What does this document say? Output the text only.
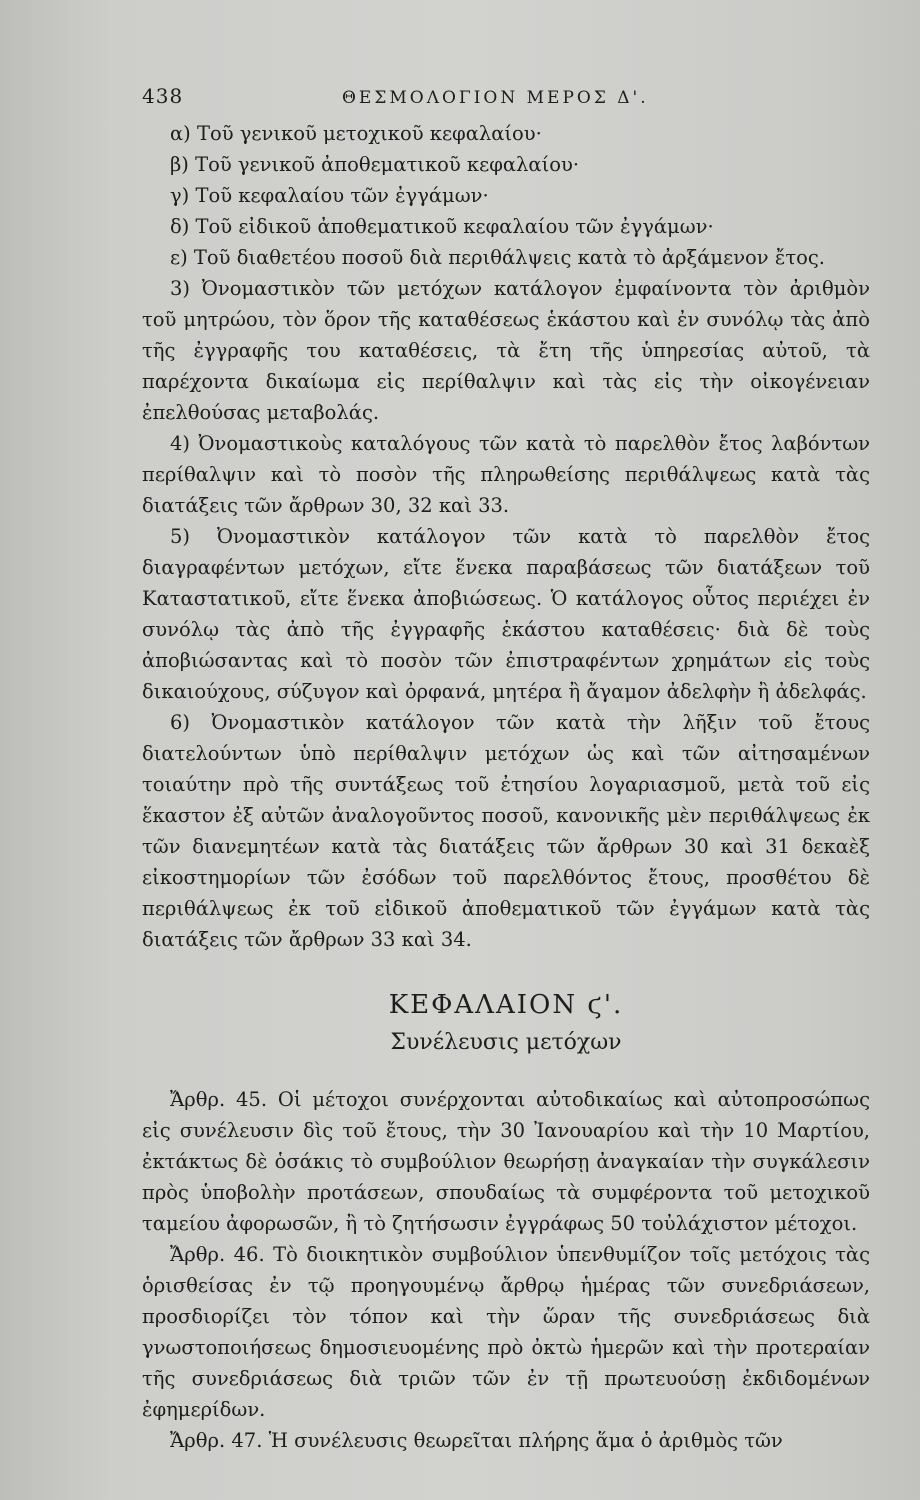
438	ΘΕΣΜΟΛΟΓΙΟΝ ΜΕΡΟΣ Δ'.

α) Τοῦ γενικοῦ μετοχικοῦ κεφαλαίου·

β) Τοῦ γενικοῦ ἀποθεματικοῦ κεφαλαίου·

γ) Τοῦ κεφαλαίου τῶν ἐγγάμων·

δ) Τοῦ εἰδικοῦ ἀποθεματικοῦ κεφαλαίου τῶν ἐγγάμων·

ε) Τοῦ διαθετέου ποσοῦ διὰ περιθάλψεις κατὰ τὸ ἀρξάμενον ἔτος.

3) Ὀνομαστικὸν τῶν μετόχων κατάλογον ἐμφαίνοντα τὸν ἀριθμὸν τοῦ μητρώου, τὸν ὅρον τῆς καταθέσεως ἑκάστου καὶ ἐν συνόλῳ τὰς ἀπὸ τῆς ἐγγραφῆς του καταθέσεις, τὰ ἔτη τῆς ὑπηρεσίας αὐτοῦ, τὰ παρέχοντα δικαίωμα εἰς περίθαλψιν καὶ τὰς εἰς τὴν οἰκογένειαν ἐπελθούσας μεταβολάς.

4) Ὀνομαστικοὺς καταλόγους τῶν κατὰ τὸ παρελθὸν ἔτος λαβόντων περίθαλψιν καὶ τὸ ποσὸν τῆς πληρωθείσης περιθάλψεως κατὰ τὰς διατάξεις τῶν ἄρθρων 30, 32 καὶ 33.

5) Ὀνομαστικὸν κατάλογον τῶν κατὰ τὸ παρελθὸν ἔτος διαγραφέντων μετόχων, εἴτε ἕνεκα παραβάσεως τῶν διατάξεων τοῦ Καταστατικοῦ, εἴτε ἕνεκα ἀποβιώσεως. Ὁ κατάλογος οὗτος περιέχει ἐν συνόλῳ τὰς ἀπὸ τῆς ἐγγραφῆς ἑκάστου καταθέσεις· διὰ δὲ τοὺς ἀποβιώσαντας καὶ τὸ ποσὸν τῶν ἐπιστραφέντων χρημάτων εἰς τοὺς δικαιούχους, σύζυγον καὶ ὀρφανά, μητέρα ἢ ἄγαμον ἀδελφὴν ἢ ἀδελφάς.

6) Ὀνομαστικὸν κατάλογον τῶν κατὰ τὴν λῆξιν τοῦ ἔτους διατελούντων ὑπὸ περίθαλψιν μετόχων ὡς καὶ τῶν αἰτησαμένων τοιαύτην πρὸ τῆς συντάξεως τοῦ ἐτησίου λογαριασμοῦ, μετὰ τοῦ εἰς ἕκαστον ἐξ αὐτῶν ἀναλογοῦντος ποσοῦ, κανονικῆς μὲν περιθάλψεως ἐκ τῶν διανεμητέων κατὰ τὰς διατάξεις τῶν ἄρθρων 30 καὶ 31 δεκαὲξ εἰκοστημορίων τῶν ἐσόδων τοῦ παρελθόντος ἔτους, προσθέτου δὲ περιθάλψεως ἐκ τοῦ εἰδικοῦ ἀποθεματικοῦ τῶν ἐγγάμων κατὰ τὰς διατάξεις τῶν ἄρθρων 33 καὶ 34.

ΚΕΦΑΛΑΙΟΝ ϛ'.
Συνέλευσις μετόχων

Ἄρθρ. 45. Οἱ μέτοχοι συνέρχονται αὐτοδικαίως καὶ αὐτοπροσώπως εἰς συνέλευσιν δὶς τοῦ ἔτους, τὴν 30 Ἰανουαρίου καὶ τὴν 10 Μαρτίου, ἐκτάκτως δὲ ὁσάκις τὸ συμβούλιον θεωρήσῃ ἀναγκαίαν τὴν συγκάλεσιν πρὸς ὑποβολὴν προτάσεων, σπουδαίως τὰ συμφέροντα τοῦ μετοχικοῦ ταμείου ἀφορωσῶν, ἢ τὸ ζητήσωσιν ἐγγράφως 50 τοὐλάχιστον μέτοχοι.

Ἄρθρ. 46. Τὸ διοικητικὸν συμβούλιον ὑπενθυμίζον τοῖς μετόχοις τὰς ὁρισθείσας ἐν τῷ προηγουμένῳ ἄρθρῳ ἡμέρας τῶν συνεδριάσεων, προσδιορίζει τὸν τόπον καὶ τὴν ὥραν τῆς συνεδριάσεως διὰ γνωστοποιήσεως δημοσιευομένης πρὸ ὀκτὼ ἡμερῶν καὶ τὴν προτεραίαν τῆς συνεδριάσεως διὰ τριῶν τῶν ἐν τῇ πρωτευούσῃ ἐκδιδομένων ἐφημερίδων.

Ἄρθρ. 47. Ἡ συνέλευσις θεωρεῖται πλήρης ἅμα ὁ ἀριθμὸς τῶν
